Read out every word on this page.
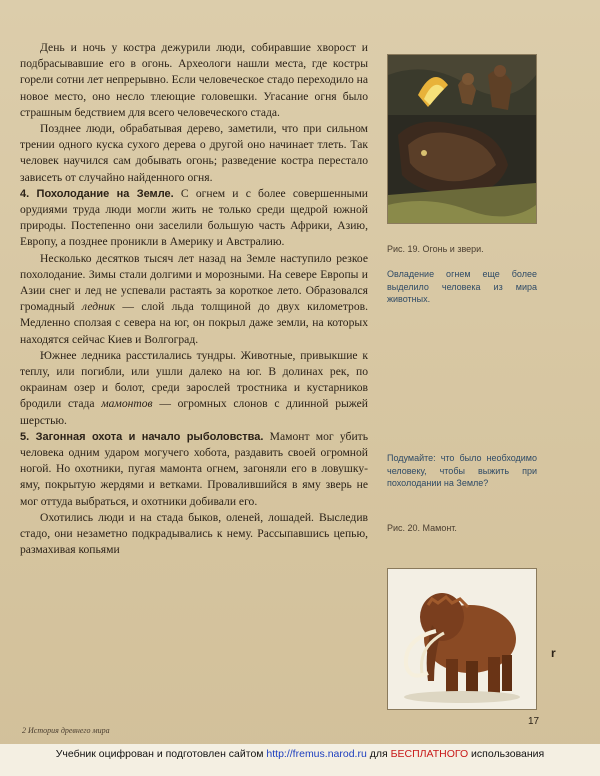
День и ночь у костра дежурили люди, собиравшие хворост и подбрасывавшие его в огонь. Археологи нашли места, где костры горели сотни лет непрерывно. Если человеческое стадо переходило на новое место, оно несло тлеющие головешки. Угасание огня было страшным бедствием для всего человеческого стада.

Позднее люди, обрабатывая дерево, заметили, что при сильном трении одного куска сухого дерева о другой оно начинает тлеть. Так человек научился сам добывать огонь; разведение костра перестало зависеть от случайно найденного огня.

4. Похолодание на Земле. С огнем и с более совершенными орудиями труда люди могли жить не только среди щедрой южной природы. Постепенно они заселили большую часть Африки, Азию, Европу, а позднее проникли в Америку и Австралию.

Несколько десятков тысяч лет назад на Земле наступило резкое похолодание. Зимы стали долгими и морозными. На севере Европы и Азии снег и лед не успевали растаять за короткое лето. Образовался громадный ледник — слой льда толщиной до двух километров. Медленно сползая с севера на юг, он покрыл даже земли, на которых находятся сейчас Киев и Волгоград.

Южнее ледника расстилались тундры. Животные, привыкшие к теплу, или погибли, или ушли далеко на юг. В долинах рек, по окраинам озер и болот, среди зарослей тростника и кустарников бродили стада мамонтов — огромных слонов с длинной рыжей шерстью.

5. Загонная охота и начало рыболовства. Мамонт мог убить человека одним ударом могучего хобота, раздавить своей огромной ногой. Но охотники, пугая мамонта огнем, загоняли его в ловушку-яму, покрытую жердями и ветками. Провалившийся в яму зверь не мог оттуда выбраться, и охотники добивали его.

Охотились люди и на стада быков, оленей, лошадей. Выследив стадо, они незаметно подкрадывались к нему. Рассыпавшись цепью, размахивая копьями

Рис. 19. Огонь и звери.
Овладение огнем еще более выделило человека из мира животных.
Подумайте: что было необходимо человеку, чтобы выжить при похолодании на Земле?
Рис. 20. Мамонт.
r
2 История древнего мира
17
Учебник оцифрован и подготовлен сайтом http://fremus.narod.ru для БЕСПЛАТНОГО использования
